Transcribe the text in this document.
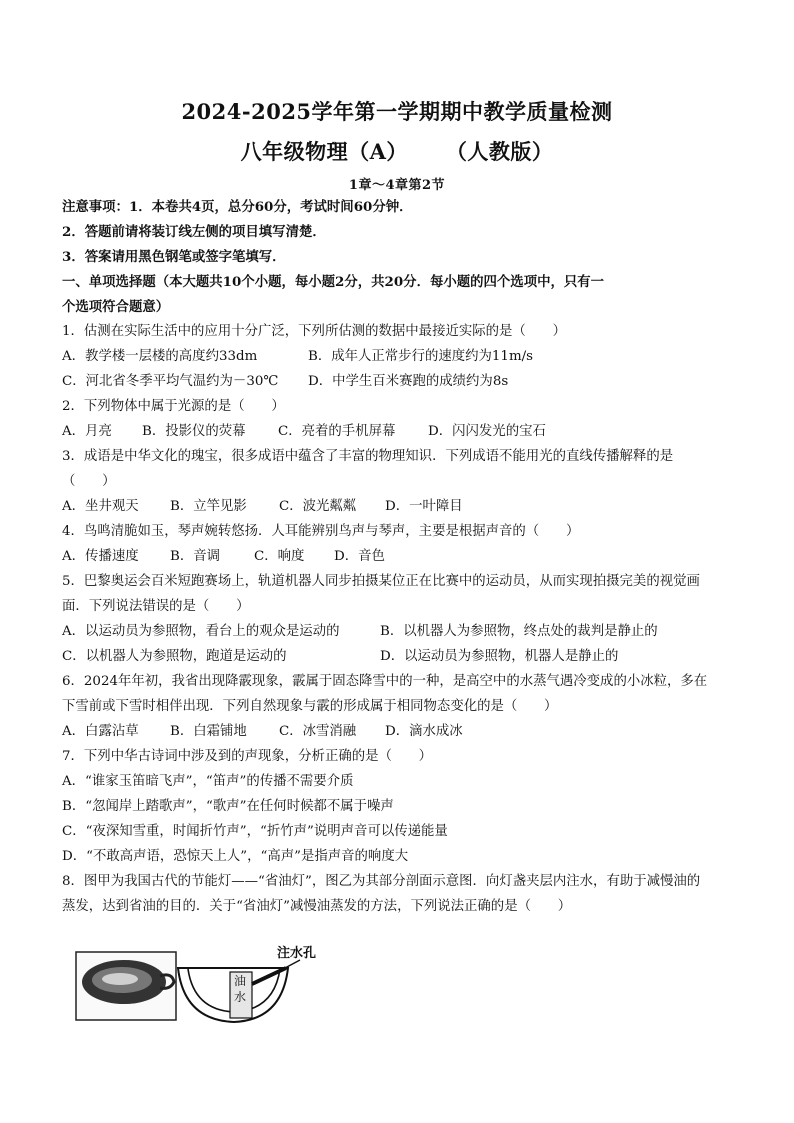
2024-2025学年第一学期期中教学质量检测
八年级物理（A） （人教版）
1章～4章第2节
注意事项：1．本卷共4页，总分60分，考试时间60分钟．
2．答题前请将装订线左侧的项目填写清楚．
3．答案请用黑色钢笔或签字笔填写．
一、单项选择题（本大题共10个小题，每小题2分，共20分．每小题的四个选项中，只有一
个选项符合题意）
1．估测在实际生活中的应用十分广泛，下列所估测的数据中最接近实际的是（　　）
A．教学楼一层楼的高度约33dm	B．成年人正常步行的速度约为11m/s
C．河北省冬季平均气温约为－30℃ D．中学生百米赛跑的成绩约为8s
2．下列物体中属于光源的是（　　）
A．月亮 B．投影仪的荧幕 C．亮着的手机屏幕 D．闪闪发光的宝石
3．成语是中华文化的瑰宝，很多成语中蕴含了丰富的物理知识．下列成语不能用光的直线传播解释的是
（　　）
A．坐井观天 B．立竿见影 C．波光粼粼 D．一叶障目
4．鸟鸣清脆如玉，琴声婉转悠扬．人耳能辨别鸟声与琴声，主要是根据声音的（　　）
A．传播速度 B．音调	C．响度 D．音色
5．巴黎奥运会百米短跑赛场上，轨道机器人同步拍摄某位正在比赛中的运动员，从而实现拍摄完美的视觉画
面．下列说法错误的是（　　）
A．以运动员为参照物，看台上的观众是运动的	B．以机器人为参照物，终点处的裁判是静止的
C．以机器人为参照物，跑道是运动的	D．以运动员为参照物，机器人是静止的
6．2024年年初，我省出现降霰现象，霰属于固态降雪中的一种，是高空中的水蒸气遇冷变成的小冰粒，多在
下雪前或下雪时相伴出现．下列自然现象与霰的形成属于相同物态变化的是（　　）
A．白露沾草 B．白霜铺地 C．冰雪消融 D．滴水成冰
7．下列中华古诗词中涉及到的声现象，分析正确的是（　　）
A．“谁家玉笛暗飞声”，“笛声”的传播不需要介质
B．“忽闻岸上踏歌声”，“歌声”在任何时候都不属于噪声
C．“夜深知雪重，时闻折竹声”，“折竹声”说明声音可以传递能量
D．“不敢高声语，恐惊天上人”，“高声”是指声音的响度大
8．图甲为我国古代的节能灯——“省油灯”，图乙为其部分剖面示意图．向灯盏夹层内注水，有助于减慢油的
蒸发，达到省油的目的．关于“省油灯”减慢油蒸发的方法，下列说法正确的是（　　）
注水孔
油
水
